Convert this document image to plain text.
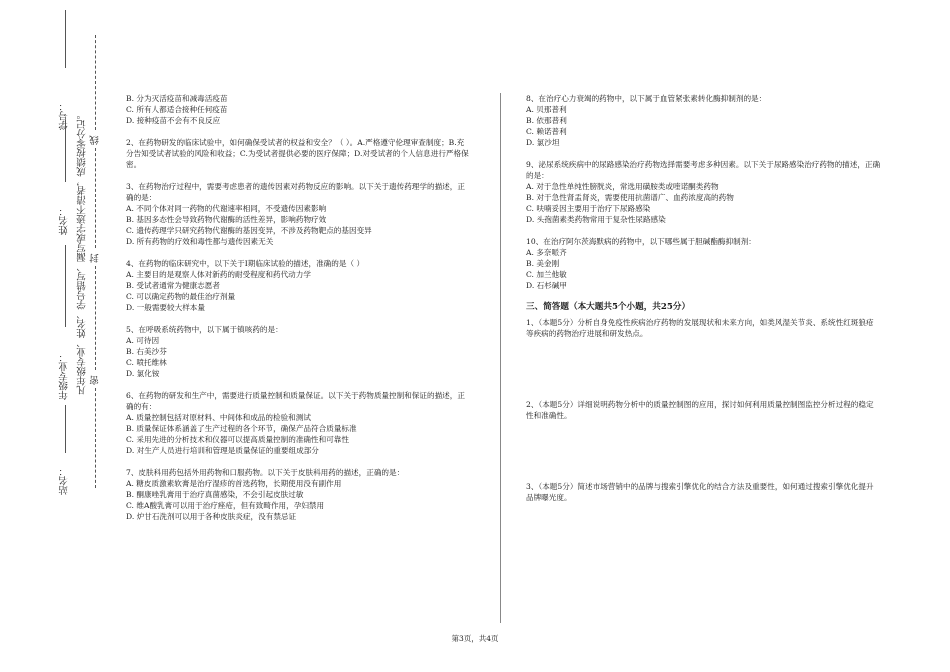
学号：
姓名：
年级专业：
站名：
凡年级专业、姓名、学号错写、漏写或字迹不清者，成绩按零分记。 线
封
密

B. 分为灭活疫苗和减毒活疫苗

C. 所有人都适合接种任何疫苗

D. 接种疫苗不会有不良反应

2、在药物研发的临床试验中，如何确保受试者的权益和安全？（ ）。A.严格遵守伦理审查制度；B.充分告知受试者试验的风险和收益；C.为受试者提供必要的医疗保障；D.对受试者的个人信息进行严格保密。

3、在药物治疗过程中，需要考虑患者的遗传因素对药物反应的影响。以下关于遗传药理学的描述，正确的是：

A. 不同个体对同一药物的代谢速率相同，不受遗传因素影响

B. 基因多态性会导致药物代谢酶的活性差异，影响药物疗效

C. 遗传药理学只研究药物代谢酶的基因变异，不涉及药物靶点的基因变异

D. 所有药物的疗效和毒性都与遗传因素无关

4、在药物的临床研究中，以下关于Ⅰ期临床试验的描述，准确的是（ ）

A. 主要目的是观察人体对新药的耐受程度和药代动力学

B. 受试者通常为健康志愿者

C. 可以确定药物的最佳治疗剂量

D. 一般需要较大样本量

5、在呼吸系统药物中，以下属于镇咳药的是：

A. 可待因

B. 右美沙芬

C. 喷托维林

D. 氯化铵

6、在药物的研发和生产中，需要进行质量控制和质量保证。以下关于药物质量控制和保证的描述，正确的有：

A. 质量控制包括对原材料、中间体和成品的检验和测试

B. 质量保证体系涵盖了生产过程的各个环节，确保产品符合质量标准

C. 采用先进的分析技术和仪器可以提高质量控制的准确性和可靠性

D. 对生产人员进行培训和管理是质量保证的重要组成部分

7、皮肤科用药包括外用药物和口服药物。以下关于皮肤科用药的描述，正确的是：

A. 糖皮质激素软膏是治疗湿疹的首选药物，长期使用没有副作用

B. 酮康唑乳膏用于治疗真菌感染，不会引起皮肤过敏

C. 维A酸乳膏可以用于治疗痤疮，但有致畸作用，孕妇禁用

D. 炉甘石洗剂可以用于各种皮肤炎症，没有禁忌证

8、在治疗心力衰竭的药物中，以下属于血管紧张素转化酶抑制剂的是：

A. 贝那普利

B. 依那普利

C. 赖诺普利

D. 氯沙坦

9、泌尿系统疾病中的尿路感染治疗药物选择需要考虑多种因素。以下关于尿路感染治疗药物的描述，正确的是：

A. 对于急性单纯性膀胱炎，常选用磺胺类或喹诺酮类药物

B. 对于急性肾盂肾炎，需要使用抗菌谱广、血药浓度高的药物

C. 呋喃妥因主要用于治疗下尿路感染

D. 头孢菌素类药物常用于复杂性尿路感染

10、在治疗阿尔茨海默病的药物中，以下哪些属于胆碱酯酶抑制剂：

A. 多奈哌齐

B. 美金刚

C. 加兰他敏

D. 石杉碱甲

三、简答题（本大题共5个小题，共25分）

1、（本题5分）分析自身免疫性疾病治疗药物的发展现状和未来方向，如类风湿关节炎、系统性红斑狼疮等疾病的药物治疗进展和研发热点。

2、（本题5分）详细说明药物分析中的质量控制图的应用，探讨如何利用质量控制图监控分析过程的稳定性和准确性。

3、（本题5分）简述市场营销中的品牌与搜索引擎优化的结合方法及重要性，如何通过搜索引擎优化提升品牌曝光度。

第3页，共4页
